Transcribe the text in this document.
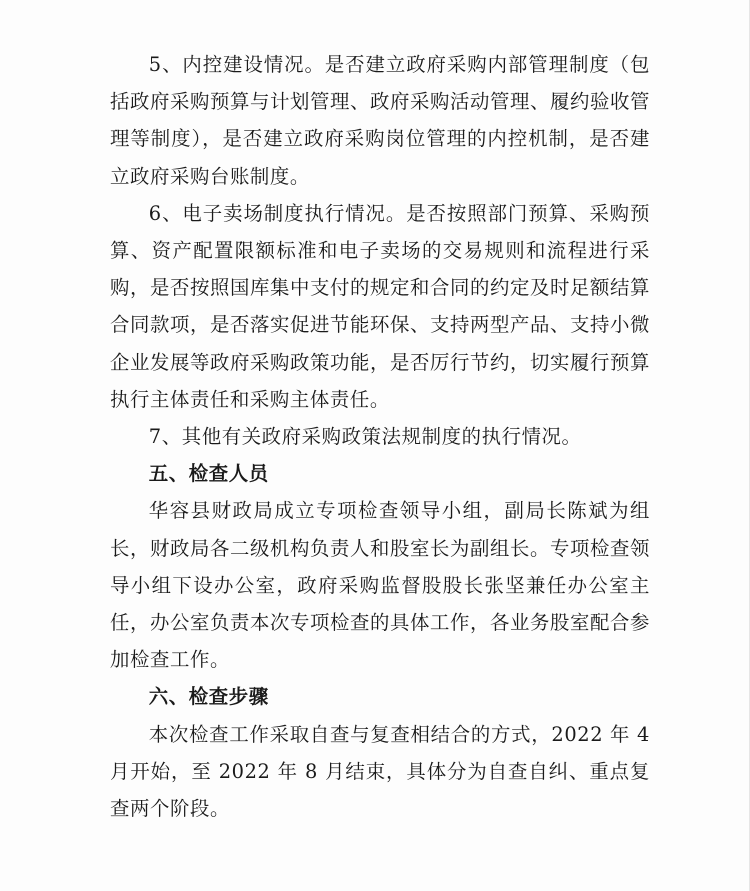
5、内控建设情况。是否建立政府采购内部管理制度（包括政府采购预算与计划管理、政府采购活动管理、履约验收管理等制度），是否建立政府采购岗位管理的内控机制，是否建立政府采购台账制度。

6、电子卖场制度执行情况。是否按照部门预算、采购预算、资产配置限额标准和电子卖场的交易规则和流程进行采购，是否按照国库集中支付的规定和合同的约定及时足额结算合同款项，是否落实促进节能环保、支持两型产品、支持小微企业发展等政府采购政策功能，是否厉行节约，切实履行预算执行主体责任和采购主体责任。

7、其他有关政府采购政策法规制度的执行情况。

五、检查人员

华容县财政局成立专项检查领导小组，副局长陈斌为组长，财政局各二级机构负责人和股室长为副组长。专项检查领导小组下设办公室，政府采购监督股股长张坚兼任办公室主任，办公室负责本次专项检查的具体工作，各业务股室配合参加检查工作。

六、检查步骤

本次检查工作采取自查与复查相结合的方式，2022 年 4 月开始，至 2022 年 8 月结束，具体分为自查自纠、重点复查两个阶段。
